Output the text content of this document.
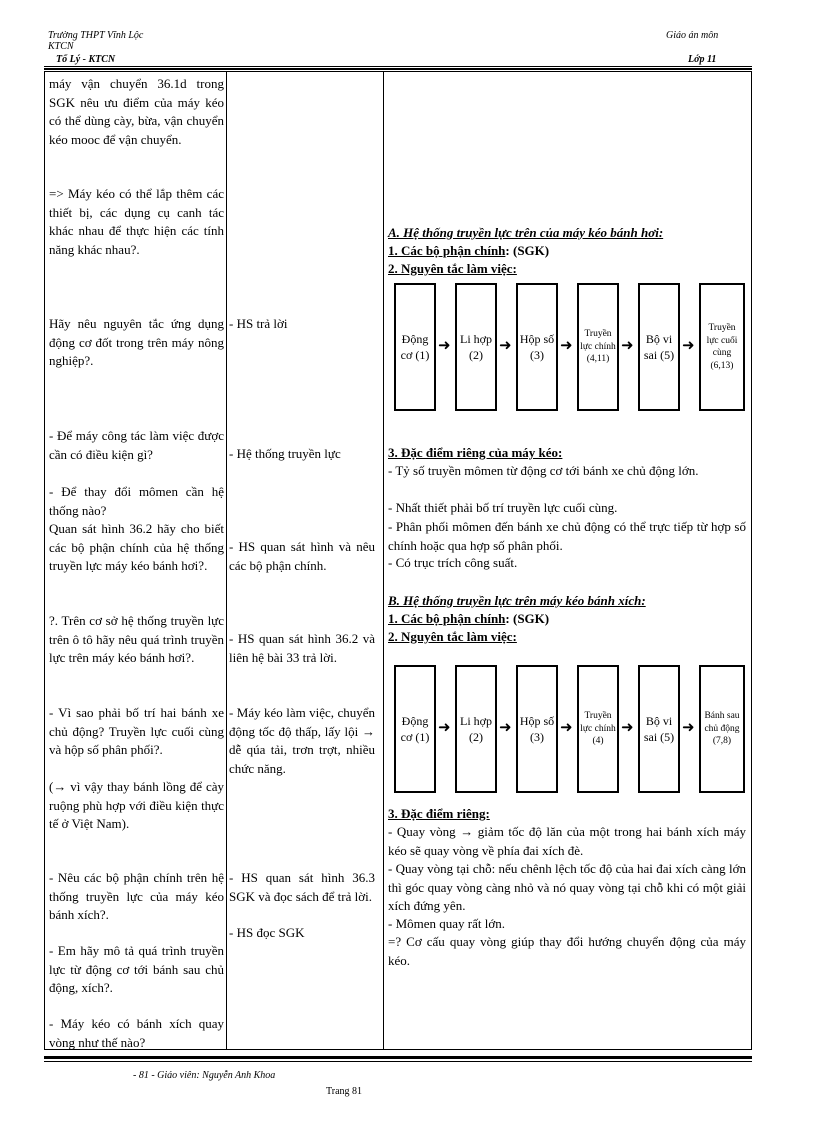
Trường THPT Vĩnh Lộc
KTCN
Tổ Lý - KTCN
Giáo án môn
Lớp 11
máy vận chuyển 36.1d trong SGK nêu ưu điểm của máy kéo có thể dùng cày, bừa, vận chuyển kéo mooc để vận chuyển.
=> Máy kéo có thể lắp thêm các thiết bị, các dụng cụ canh tác khác nhau để thực hiện các tính năng khác nhau?.
Hãy nêu nguyên tắc ứng dụng động cơ đốt trong trên máy nông nghiệp?.
- Để máy công tác làm việc được cần có điều kiện gì?
- Để thay đổi mômen cần hệ thống nào?
Quan sát hình 36.2 hãy cho biết các bộ phận chính của hệ thống truyền lực máy kéo bánh hơi?.
?. Trên cơ sở hệ thống truyền lực trên ô tô hãy nêu quá trình truyền lực trên máy kéo bánh hơi?.
- Vì sao phải bố trí hai bánh xe chủ động? Truyền lực cuối cùng và hộp số phân phối?.
(→ vì vậy thay bánh lồng để cày ruộng phù hợp với điều kiện thực tế ở Việt Nam).
- Nêu các bộ phận chính trên hệ thống truyền lực của máy kéo bánh xích?.
- Em hãy mô tả quá trình truyền lực từ động cơ tới bánh sau chủ động, xích?.
- Máy kéo có bánh xích quay vòng như thế nào?
- HS trả lời
- Hệ thống truyền lực
- HS quan sát hình và nêu các bộ phận chính.
- HS quan sát hình 36.2 và liên hệ bài 33 trả lời.
- Máy kéo làm việc, chuyển động tốc độ thấp, lấy lội → dễ qúa tải, trơn trợt, nhiều chức năng.
- HS quan sát hình 36.3 SGK và đọc sách để trả lời.
- HS đọc SGK
A. Hệ thống truyền lực trên của máy kéo bánh hơi:
1. Các bộ phận chính: (SGK)
2. Nguyên tắc làm việc:
Động cơ (1)
➜ Li hợp (2)
➜ Hộp số (3)
➜
Truyền lực chính (4,11)
➜	Bộ vi sai (5)
➜
Truyền lực cuối cùng (6,13)
3. Đặc điểm riêng của máy kéo:
- Tỷ số truyền mômen từ động cơ tới bánh xe chủ động lớn.
- Nhất thiết phải bố trí truyền lực cuối cùng.
- Phân phối mômen đến bánh xe chủ động có thể trực tiếp từ hợp số chính hoặc qua hợp số phân phối.
- Có trục trích công suất.
B. Hệ thống truyền lực trên máy kéo bánh xích:
1. Các bộ phận chính: (SGK)
2. Nguyên tắc làm việc:
Động cơ (1)
➜ Li hợp (2)
➜ Hộp số (3)
➜
Truyền lực chính (4)
➜	Bộ vi sai (5)
➜
Bánh sau chủ động (7,8)
3. Đặc điểm riêng:
- Quay vòng → giảm tốc độ lăn của một trong hai bánh xích máy kéo sẽ quay vòng về phía đai xích đè.
- Quay vòng tại chỗ: nếu chênh lệch tốc độ của hai đai xích càng lớn thì góc quay vòng càng nhỏ và nó quay vòng tại chỗ khi có một giải xích đứng yên.
- Mômen quay rất lớn.
=? Cơ cấu quay vòng giúp thay đổi hướng chuyển động của máy kéo.
- 81 - Giáo viên: Nguyễn Anh Khoa
Trang 81
